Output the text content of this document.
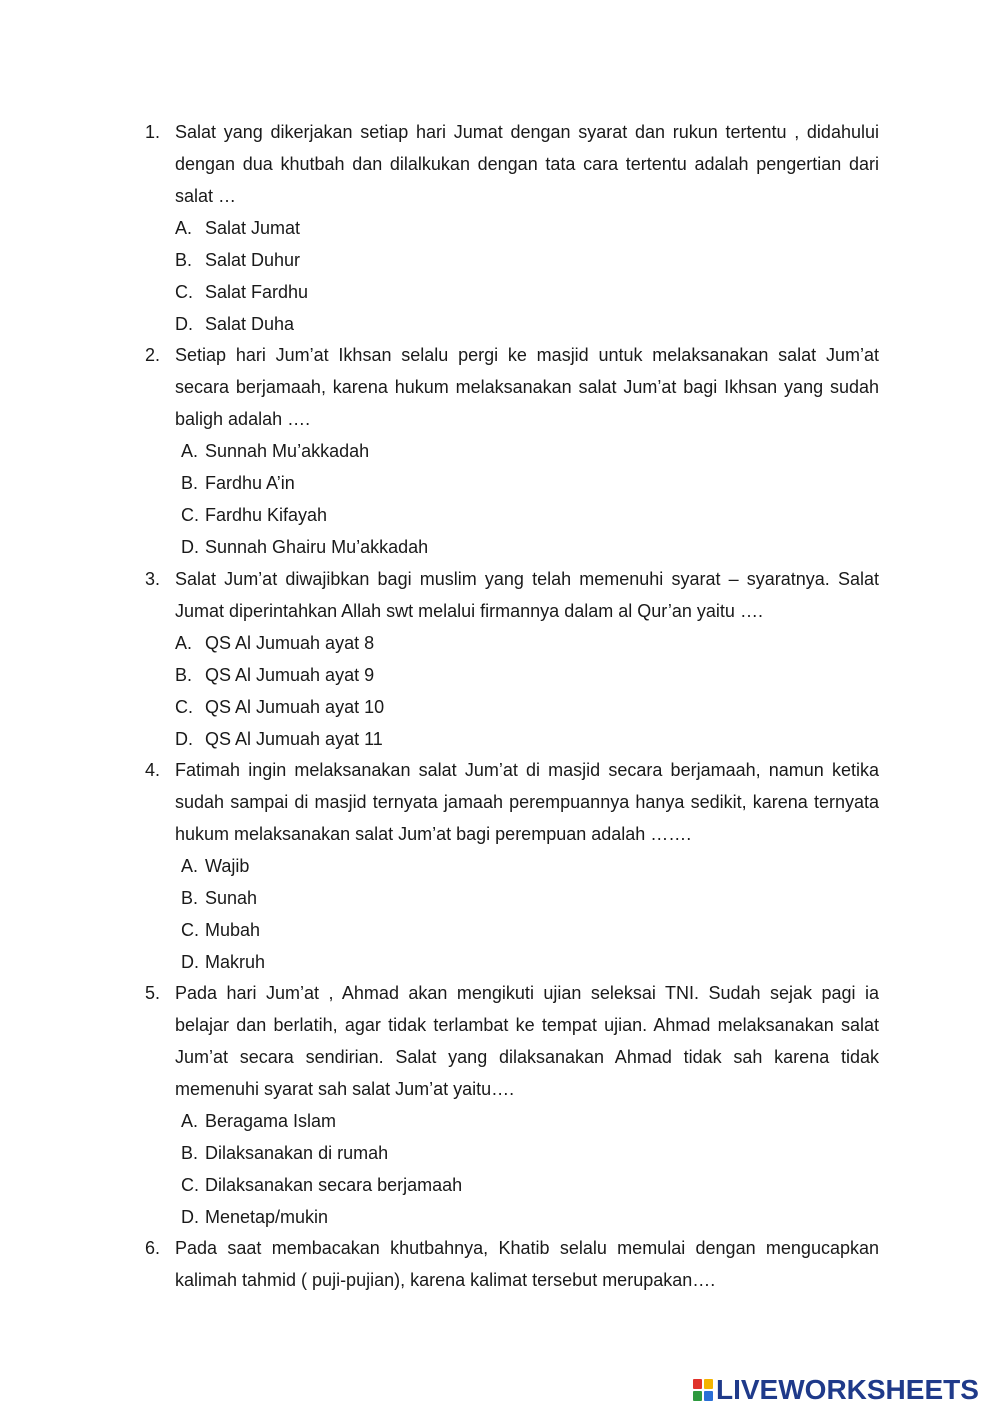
1. Salat yang dikerjakan setiap hari Jumat dengan syarat dan rukun tertentu , didahului dengan dua khutbah dan dilalkukan dengan tata cara tertentu adalah pengertian dari salat …
A. Salat Jumat
B. Salat Duhur
C. Salat Fardhu
D. Salat Duha
2. Setiap hari Jum’at Ikhsan selalu pergi ke masjid untuk melaksanakan salat Jum’at secara berjamaah, karena hukum melaksanakan salat Jum’at bagi Ikhsan yang sudah baligh adalah ….
A. Sunnah Mu’akkadah
B. Fardhu A’in
C. Fardhu Kifayah
D. Sunnah Ghairu Mu’akkadah
3. Salat Jum’at diwajibkan bagi muslim yang telah memenuhi syarat – syaratnya. Salat Jumat diperintahkan Allah swt melalui firmannya dalam al Qur’an yaitu ….
A. QS Al Jumuah ayat 8
B. QS Al Jumuah ayat 9
C. QS Al Jumuah ayat 10
D. QS Al Jumuah ayat 11
4. Fatimah ingin melaksanakan salat Jum’at di masjid secara berjamaah, namun ketika sudah sampai di masjid ternyata jamaah perempuannya hanya sedikit, karena ternyata hukum melaksanakan salat Jum’at bagi perempuan adalah …….
A. Wajib
B. Sunah
C. Mubah
D. Makruh
5. Pada hari Jum’at , Ahmad akan mengikuti ujian seleksai TNI. Sudah sejak pagi ia belajar dan berlatih, agar tidak terlambat ke tempat ujian. Ahmad melaksanakan salat Jum’at secara sendirian. Salat yang dilaksanakan Ahmad tidak sah karena tidak memenuhi syarat sah salat Jum’at yaitu….
A. Beragama Islam
B. Dilaksanakan di rumah
C. Dilaksanakan secara berjamaah
D. Menetap/mukin
6. Pada saat membacakan khutbahnya, Khatib selalu memulai dengan mengucapkan kalimah tahmid ( puji-pujian), karena kalimat tersebut merupakan….
LIVEWORKSHEETS
